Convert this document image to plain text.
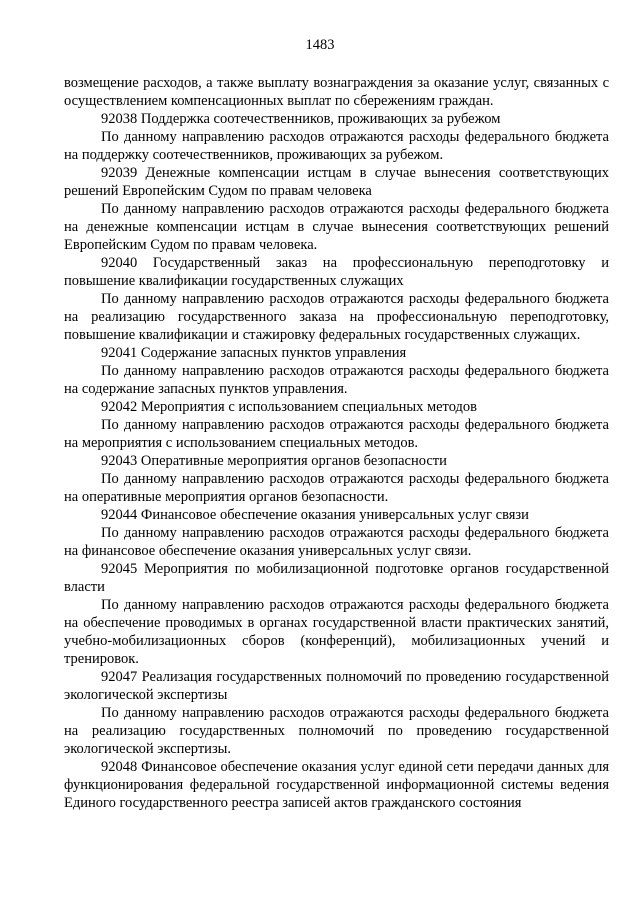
1483

возмещение расходов, а также выплату вознаграждения за оказание услуг, связанных с осуществлением компенсационных выплат по сбережениям граждан.

92038 Поддержка соотечественников, проживающих за рубежом

По данному направлению расходов отражаются расходы федерального бюджета на поддержку соотечественников, проживающих за рубежом.

92039 Денежные компенсации истцам в случае вынесения соответствующих решений Европейским Судом по правам человека

По данному направлению расходов отражаются расходы федерального бюджета на денежные компенсации истцам в случае вынесения соответствующих решений Европейским Судом по правам человека.

92040 Государственный заказ на профессиональную переподготовку и повышение квалификации государственных служащих

По данному направлению расходов отражаются расходы федерального бюджета на реализацию государственного заказа на профессиональную переподготовку, повышение квалификации и стажировку федеральных государственных служащих.

92041 Содержание запасных пунктов управления

По данному направлению расходов отражаются расходы федерального бюджета на содержание запасных пунктов управления.

92042 Мероприятия с использованием специальных методов

По данному направлению расходов отражаются расходы федерального бюджета на мероприятия с использованием специальных методов.

92043 Оперативные мероприятия органов безопасности

По данному направлению расходов отражаются расходы федерального бюджета на оперативные мероприятия органов безопасности.

92044 Финансовое обеспечение оказания универсальных услуг связи

По данному направлению расходов отражаются расходы федерального бюджета на финансовое обеспечение оказания универсальных услуг связи.

92045 Мероприятия по мобилизационной подготовке органов государственной власти

По данному направлению расходов отражаются расходы федерального бюджета на обеспечение проводимых в органах государственной власти практических занятий, учебно-мобилизационных сборов (конференций), мобилизационных учений и тренировок.

92047 Реализация государственных полномочий по проведению государственной экологической экспертизы

По данному направлению расходов отражаются расходы федерального бюджета на реализацию государственных полномочий по проведению государственной экологической экспертизы.

92048 Финансовое обеспечение оказания услуг единой сети передачи данных для функционирования федеральной государственной информационной системы ведения Единого государственного реестра записей актов гражданского состояния
